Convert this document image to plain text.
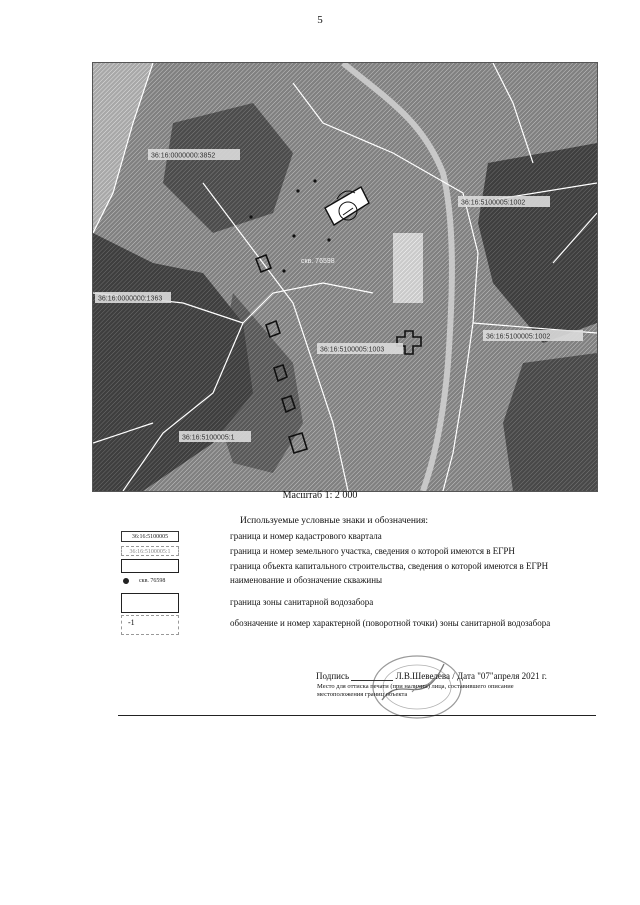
5
36:16:0000000:3852
36:16:0000000:1363
36:16:5100005:1002
36:16:5100005:1002
36:16:5100005:1003
36:16:5100005:1
скв. 76598
Масштаб 1: 2 000
Используемые условные знаки и обозначения:
36:16:5100005
36:16:5100005:1
скв. 76598
-1
граница и номер кадастрового квартала
граница и номер земельного участка, сведения о которой имеются в ЕГРН
граница объекта капитального строительства, сведения о которой имеются в ЕГРН
наименование и обозначение скважины
граница зоны санитарной водозабора
обозначение и номер характерной (поворотной точки) зоны санитарной водозабора
Подпись	Л.В.Шевелева / Дата "07"апреля 2021 г.
Место для оттиска печати (при наличии) лица, составившего описание местоположения границ объекта
